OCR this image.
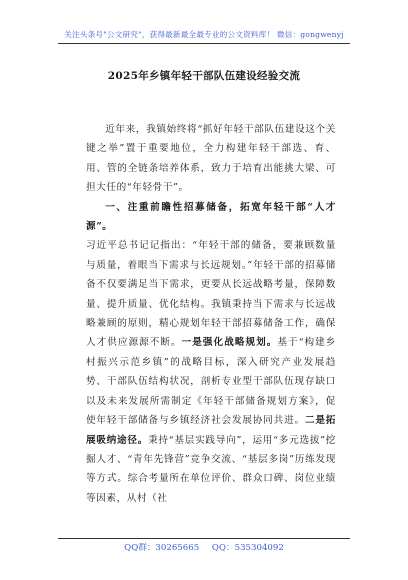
关注头条号"公文研究"，获得最新最全最专业的公文资料库！ 微信：gongwenyj
2025年乡镇年轻干部队伍建设经验交流

近年来，我镇始终将“抓好年轻干部队伍建设这个关键之举”置于重要地位，全力构建年轻干部选、育、用、管的全链条培养体系，致力于培育出能挑大梁、可担大任的“年轻骨干”。

一、注重前瞻性招募储备，拓宽年轻干部“人才源”。

习近平总书记记指出：“年轻干部的储备，要兼顾数量与质量，着眼当下需求与长远规划。”年轻干部的招募储备不仅要满足当下需求，更要从长远战略考量，保障数量、提升质量、优化结构。我镇秉持当下需求与长远战略兼顾的原则，精心规划年轻干部招募储备工作，确保人才供应源源不断。一是强化战略规划。基于“构建乡村振兴示范乡镇”的战略目标，深入研究产业发展趋势、干部队伍结构状况，剖析专业型干部队伍现存缺口以及未来发展所需制定《年轻干部储备规划方案》，促使年轻干部储备与乡镇经济社会发展协同共进。二是拓展吸纳途径。秉持“基层实践导向”，运用“多元选拔”挖掘人才、“青年先锋营”竞争交流、“基层多岗”历练发现等方式。综合考量所在单位评价、群众口碑、岗位业绩等因素，从村（社

QQ群：30265665 QQ：535304092
